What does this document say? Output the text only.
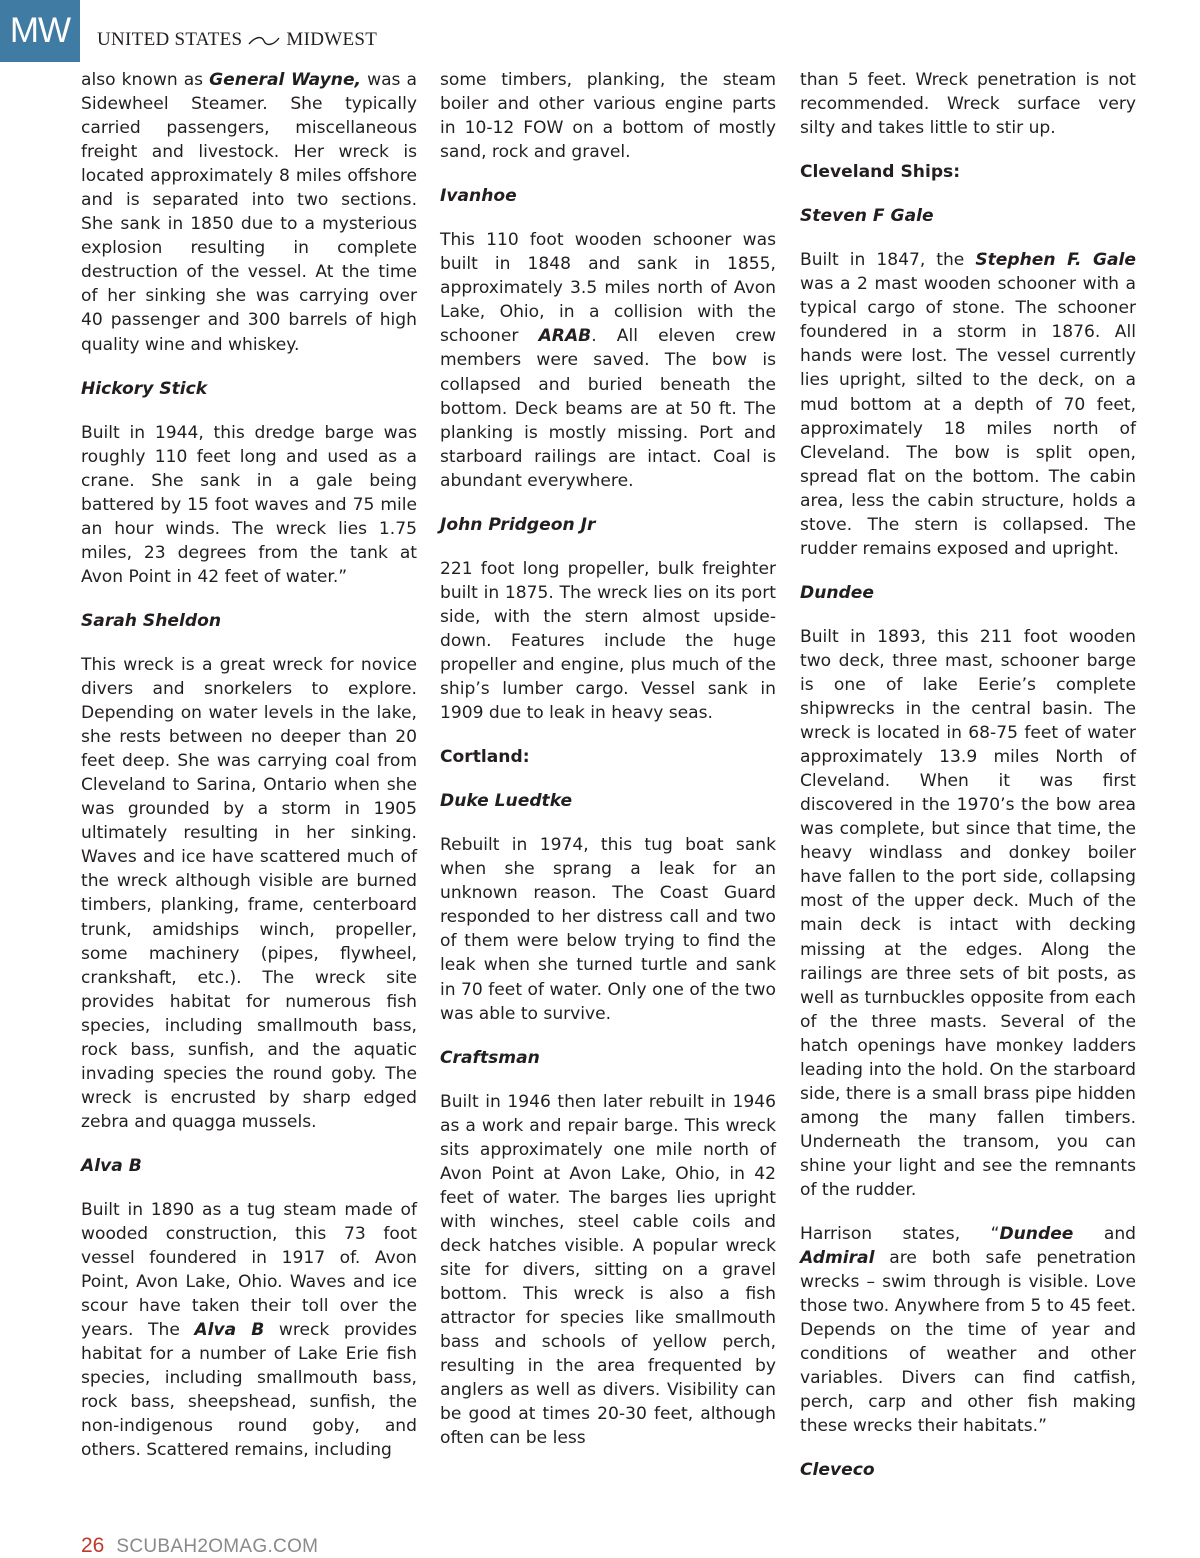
MW	UNITED STATES MIDWEST

also known as General Wayne, was a Sidewheel Steamer. She typically carried passengers, miscellaneous freight and livestock. Her wreck is located approximately 8 miles offshore and is separated into two sections. She sank in 1850 due to a mysterious explosion resulting in complete destruction of the vessel. At the time of her sinking she was carrying over 40 passenger and 300 barrels of high quality wine and whiskey.

Hickory Stick

Built in 1944, this dredge barge was roughly 110 feet long and used as a crane. She sank in a gale being battered by 15 foot waves and 75 mile an hour winds. The wreck lies 1.75 miles, 23 degrees from the tank at Avon Point in 42 feet of water.”

Sarah Sheldon

This wreck is a great wreck for novice divers and snorkelers to explore. Depending on water levels in the lake, she rests between no deeper than 20 feet deep. She was carrying coal from Cleveland to Sarina, Ontario when she was grounded by a storm in 1905 ultimately resulting in her sinking. Waves and ice have scattered much of the wreck although visible are burned timbers, planking, frame, centerboard trunk, amidships winch, propeller, some machinery (pipes, flywheel, crankshaft, etc.). The wreck site provides habitat for numerous fish species, including smallmouth bass, rock bass, sunfish, and the aquatic invading species the round goby. The wreck is encrusted by sharp edged zebra and quagga mussels.

Alva B

Built in 1890 as a tug steam made of wooded construction, this 73 foot vessel foundered in 1917 of. Avon Point, Avon Lake, Ohio. Waves and ice scour have taken their toll over the years. The Alva B wreck provides habitat for a number of Lake Erie fish species, including smallmouth bass, rock bass, sheepshead, sunfish, the non-indigenous round goby, and others. Scattered remains, including

some timbers, planking, the steam boiler and other various engine parts in 10-12 FOW on a bottom of mostly sand, rock and gravel.

Ivanhoe

This 110 foot wooden schooner was built in 1848 and sank in 1855, approximately 3.5 miles north of Avon Lake, Ohio, in a collision with the schooner ARAB. All eleven crew members were saved. The bow is collapsed and buried beneath the bottom. Deck beams are at 50 ft. The planking is mostly missing. Port and starboard railings are intact. Coal is abundant everywhere.

John Pridgeon Jr

221 foot long propeller, bulk freighter built in 1875. The wreck lies on its port side, with the stern almost upside-down. Features include the huge propeller and engine, plus much of the ship’s lumber cargo. Vessel sank in 1909 due to leak in heavy seas.

Cortland:

Duke Luedtke

Rebuilt in 1974, this tug boat sank when she sprang a leak for an unknown reason. The Coast Guard responded to her distress call and two of them were below trying to find the leak when she turned turtle and sank in 70 feet of water. Only one of the two was able to survive.

Craftsman

Built in 1946 then later rebuilt in 1946 as a work and repair barge. This wreck sits approximately one mile north of Avon Point at Avon Lake, Ohio, in 42 feet of water. The barges lies upright with winches, steel cable coils and deck hatches visible. A popular wreck site for divers, sitting on a gravel bottom. This wreck is also a fish attractor for species like smallmouth bass and schools of yellow perch, resulting in the area frequented by anglers as well as divers. Visibility can be good at times 20-30 feet, although often can be less

than 5 feet. Wreck penetration is not recommended. Wreck surface very silty and takes little to stir up.

Cleveland Ships:

Steven F Gale

Built in 1847, the Stephen F. Gale was a 2 mast wooden schooner with a typical cargo of stone. The schooner foundered in a storm in 1876. All hands were lost. The vessel currently lies upright, silted to the deck, on a mud bottom at a depth of 70 feet, approximately 18 miles north of Cleveland. The bow is split open, spread flat on the bottom. The cabin area, less the cabin structure, holds a stove. The stern is collapsed. The rudder remains exposed and upright.

Dundee

Built in 1893, this 211 foot wooden two deck, three mast, schooner barge is one of lake Eerie’s complete shipwrecks in the central basin. The wreck is located in 68-75 feet of water approximately 13.9 miles North of Cleveland. When it was first discovered in the 1970’s the bow area was complete, but since that time, the heavy windlass and donkey boiler have fallen to the port side, collapsing most of the upper deck. Much of the main deck is intact with decking missing at the edges. Along the railings are three sets of bit posts, as well as turnbuckles opposite from each of the three masts. Several of the hatch openings have monkey ladders leading into the hold. On the starboard side, there is a small brass pipe hidden among the many fallen timbers. Underneath the transom, you can shine your light and see the remnants of the rudder.

Harrison states, “Dundee and Admiral are both safe penetration wrecks – swim through is visible. Love those two. Anywhere from 5 to 45 feet. Depends on the time of year and conditions of weather and other variables. Divers can find catfish, perch, carp and other fish making these wrecks their habitats.”

Cleveco

26 SCUBAH2OMAG.COM
